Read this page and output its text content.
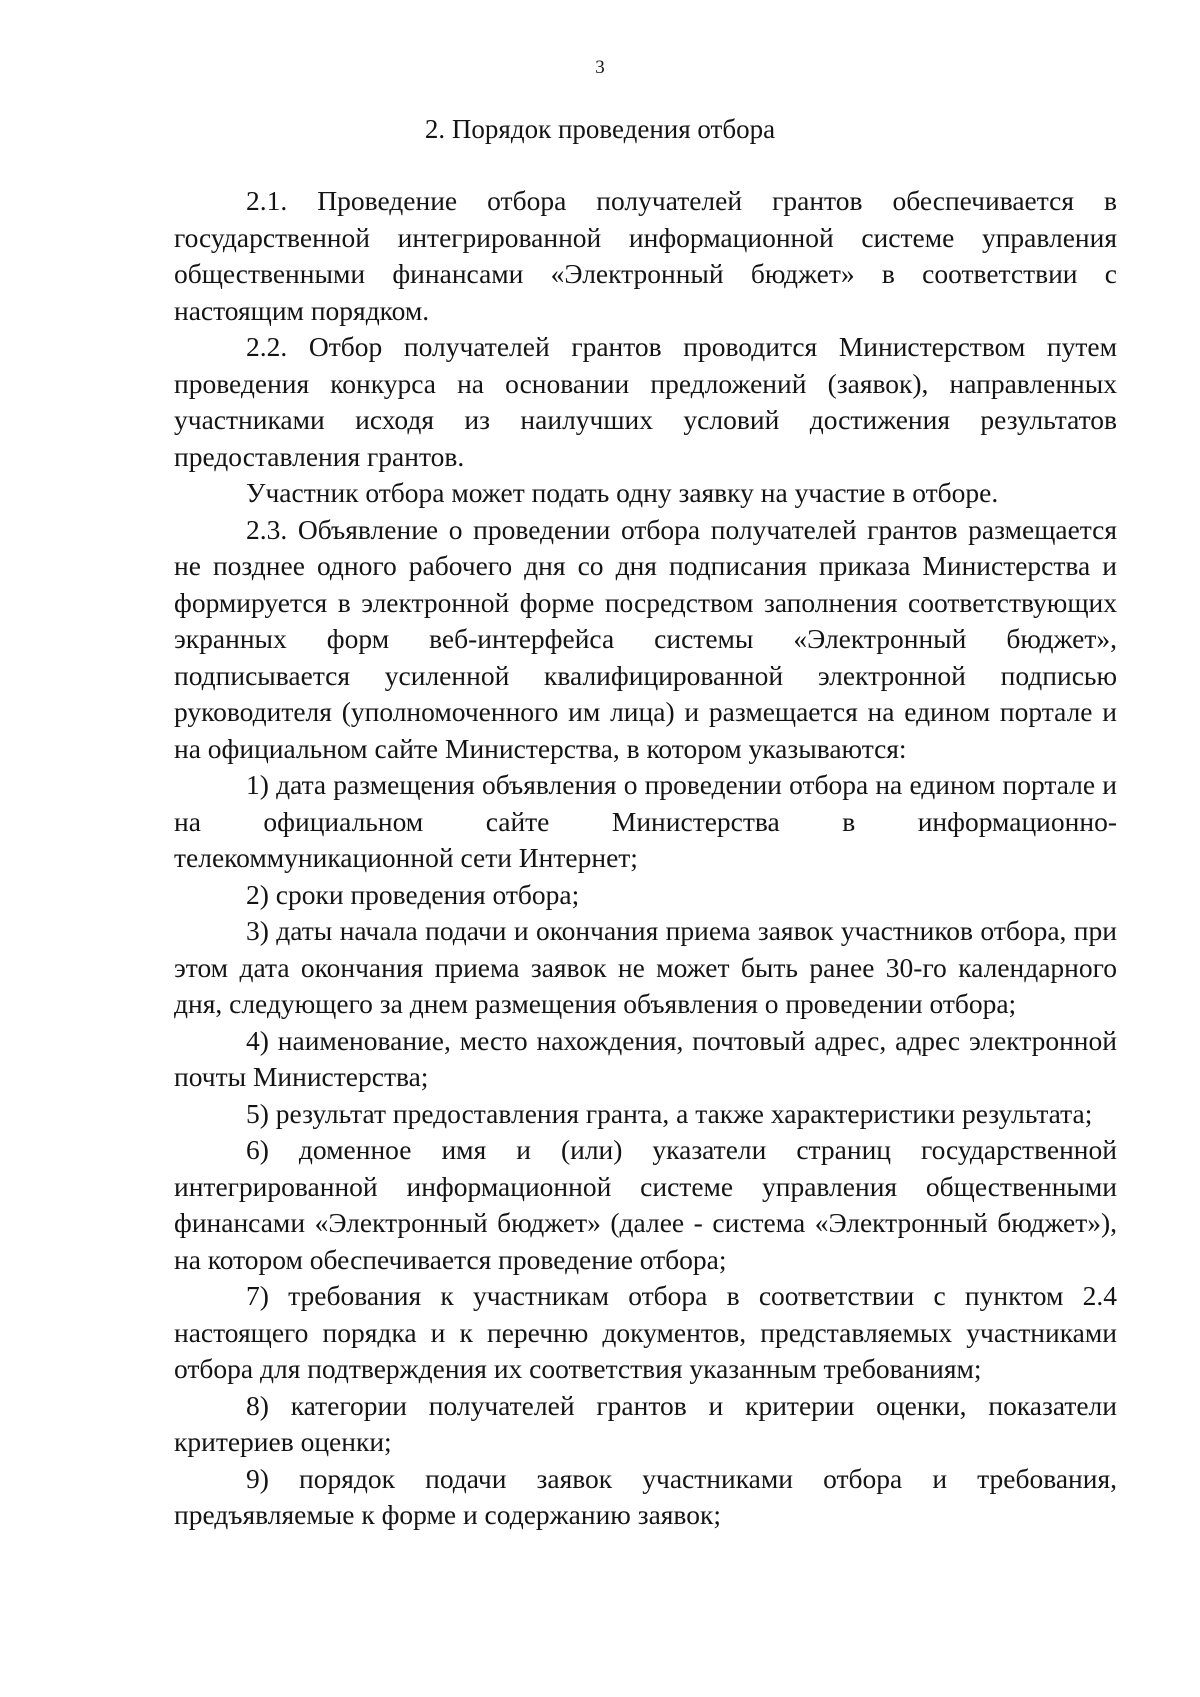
3
2. Порядок проведения отбора

2.1. Проведение отбора получателей грантов обеспечивается в государственной интегрированной информационной системе управления общественными финансами «Электронный бюджет» в соответствии с настоящим порядком.

2.2. Отбор получателей грантов проводится Министерством путем проведения конкурса на основании предложений (заявок), направленных участниками исходя из наилучших условий достижения результатов предоставления грантов.

Участник отбора может подать одну заявку на участие в отборе.

2.3. Объявление о проведении отбора получателей грантов размещается не позднее одного рабочего дня со дня подписания приказа Министерства и формируется в электронной форме посредством заполнения соответствующих экранных форм веб-интерфейса системы «Электронный бюджет», подписывается усиленной квалифицированной электронной подписью руководителя (уполномоченного им лица) и размещается на едином портале и на официальном сайте Министерства, в котором указываются:

1) дата размещения объявления о проведении отбора на едином портале и на официальном сайте Министерства в информационно-телекоммуникационной сети Интернет;

2) сроки проведения отбора;

3) даты начала подачи и окончания приема заявок участников отбора, при этом дата окончания приема заявок не может быть ранее 30-го календарного дня, следующего за днем размещения объявления о проведении отбора;

4) наименование, место нахождения, почтовый адрес, адрес электронной почты Министерства;

5) результат предоставления гранта, а также характеристики результата;

6) доменное имя и (или) указатели страниц государственной интегрированной информационной системе управления общественными финансами «Электронный бюджет» (далее - система «Электронный бюджет»), на котором обеспечивается проведение отбора;

7) требования к участникам отбора в соответствии с пунктом 2.4 настоящего порядка и к перечню документов, представляемых участниками отбора для подтверждения их соответствия указанным требованиям;

8) категории получателей грантов и критерии оценки, показатели критериев оценки;

9) порядок подачи заявок участниками отбора и требования, предъявляемые к форме и содержанию заявок;
